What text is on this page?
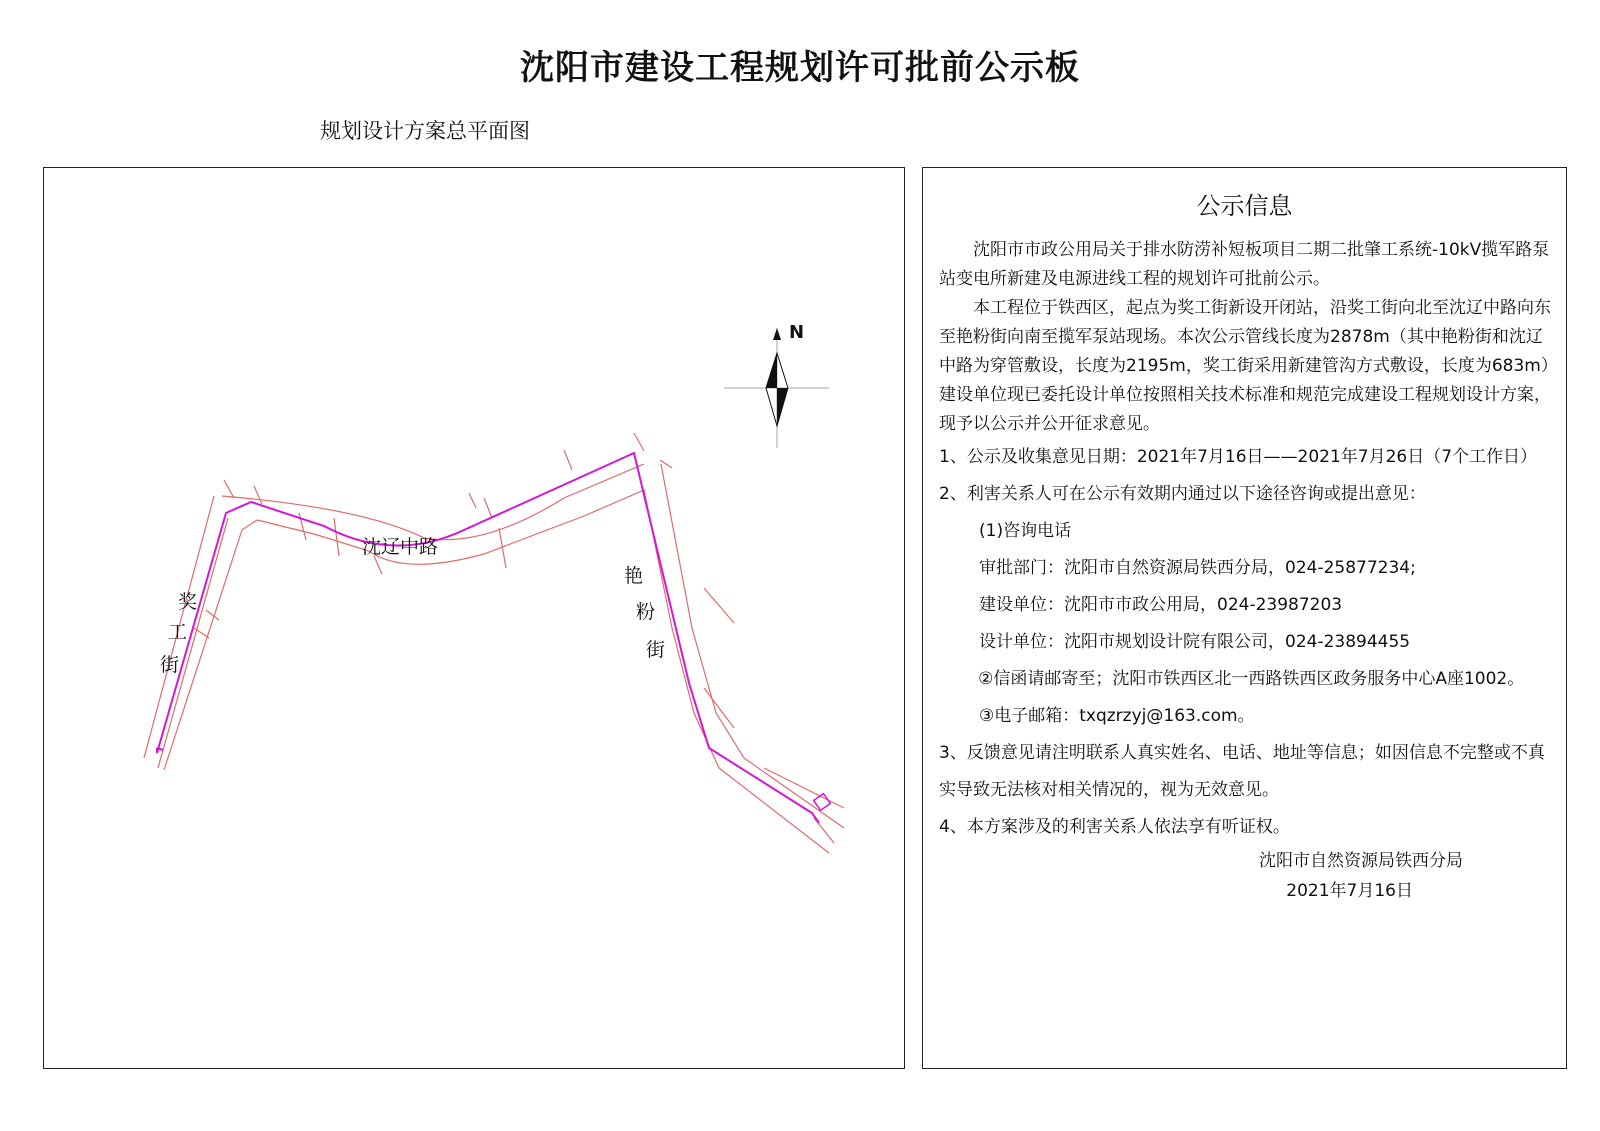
沈阳市建设工程规划许可批前公示板
规划设计方案总平面图
沈辽中路
奖
工
街
艳
粉
街
N
公示信息

沈阳市市政公用局关于排水防涝补短板项目二期二批肇工系统-10kV揽军路泵站变电所新建及电源进线工程的规划许可批前公示。

本工程位于铁西区，起点为奖工街新设开闭站，沿奖工街向北至沈辽中路向东至艳粉街向南至揽军泵站现场。本次公示管线长度为2878m（其中艳粉街和沈辽中路为穿管敷设，长度为2195m，奖工街采用新建管沟方式敷设，长度为683m）建设单位现已委托设计单位按照相关技术标准和规范完成建设工程规划设计方案，现予以公示并公开征求意见。

1、公示及收集意见日期：2021年7月16日——2021年7月26日（7个工作日）

2、利害关系人可在公示有效期内通过以下途径咨询或提出意见：

(1)咨询电话

审批部门：沈阳市自然资源局铁西分局，024-25877234;

建设单位：沈阳市市政公用局，024-23987203

设计单位：沈阳市规划设计院有限公司，024-23894455

②信函请邮寄至；沈阳市铁西区北一西路铁西区政务服务中心A座1002。

③电子邮箱：txqzrzyj@163.com。

3、反馈意见请注明联系人真实姓名、电话、地址等信息；如因信息不完整或不真实导致无法核对相关情况的，视为无效意见。

4、本方案涉及的利害关系人依法享有听证权。

沈阳市自然资源局铁西分局

2021年7月16日
